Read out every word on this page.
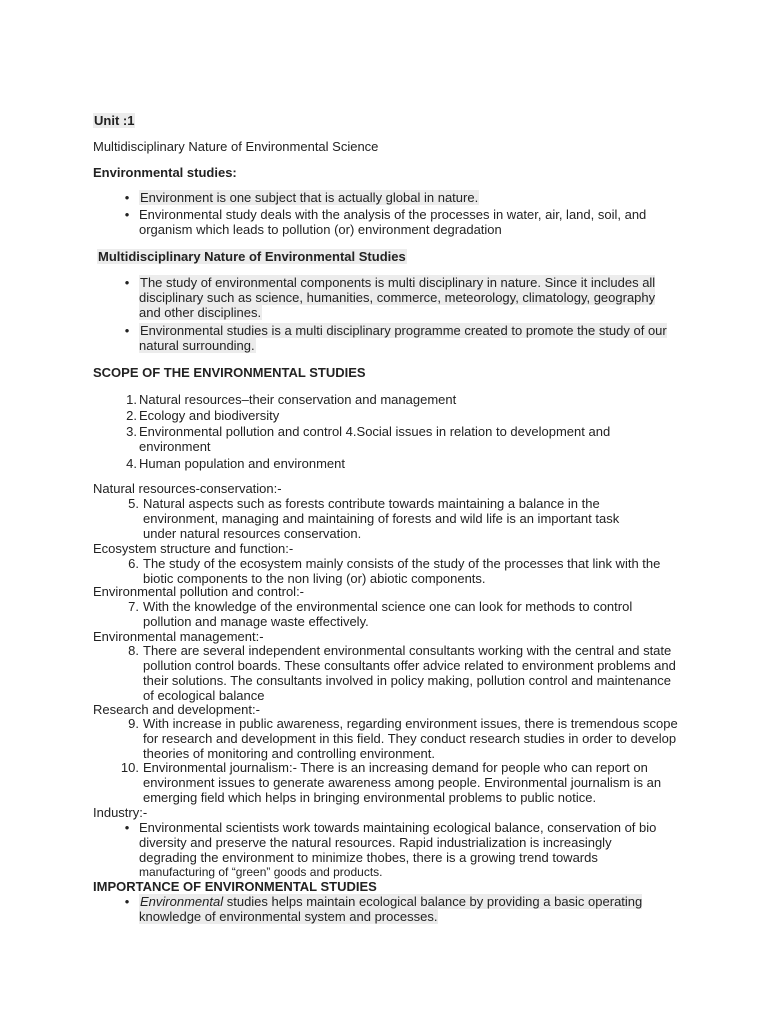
Unit :1
Multidisciplinary Nature of Environmental Science
Environmental studies:
• Environment is one subject that is actually global in nature.
• Environmental study deals with the analysis of the processes in water, air, land, soil, and organism which leads to pollution (or) environment degradation
Multidisciplinary Nature of Environmental Studies
• The study of environmental components is multi disciplinary in nature. Since it includes all disciplinary such as science, humanities, commerce, meteorology, climatology, geography and other disciplines.
• Environmental studies is a multi disciplinary programme created to promote the study of our natural surrounding.
SCOPE OF THE ENVIRONMENTAL STUDIES
1. Natural resources–their conservation and management
2. Ecology and biodiversity
3. Environmental pollution and control 4.Social issues in relation to development and environment
4. Human population and environment
Natural resources-conservation:-
5. Natural aspects such as forests contribute towards maintaining a balance in the environment, managing and maintaining of forests and wild life is an important task under natural resources conservation.
Ecosystem structure and function:-
6. The study of the ecosystem mainly consists of the study of the processes that link with the biotic components to the non living (or) abiotic components.
Environmental pollution and control:-
7. With the knowledge of the environmental science one can look for methods to control pollution and manage waste effectively.
Environmental management:-
8. There are several independent environmental consultants working with the central and state pollution control boards. These consultants offer advice related to environment problems and their solutions. The consultants involved in policy making, pollution control and maintenance of ecological balance
Research and development:-
9. With increase in public awareness, regarding environment issues, there is tremendous scope for research and development in this field. They conduct research studies in order to develop theories of monitoring and controlling environment.
10. Environmental journalism:- There is an increasing demand for people who can report on environment issues to generate awareness among people. Environmental journalism is an emerging field which helps in bringing environmental problems to public notice.
Industry:-
• Environmental scientists work towards maintaining ecological balance, conservation of bio diversity and preserve the natural resources. Rapid industrialization is increasingly degrading the environment to minimize thobes, there is a growing trend towards
manufacturing of “green” goods and products.
IMPORTANCE OF ENVIRONMENTAL STUDIES
• Environmental studies helps maintain ecological balance by providing a basic operating knowledge of environmental system and processes.
